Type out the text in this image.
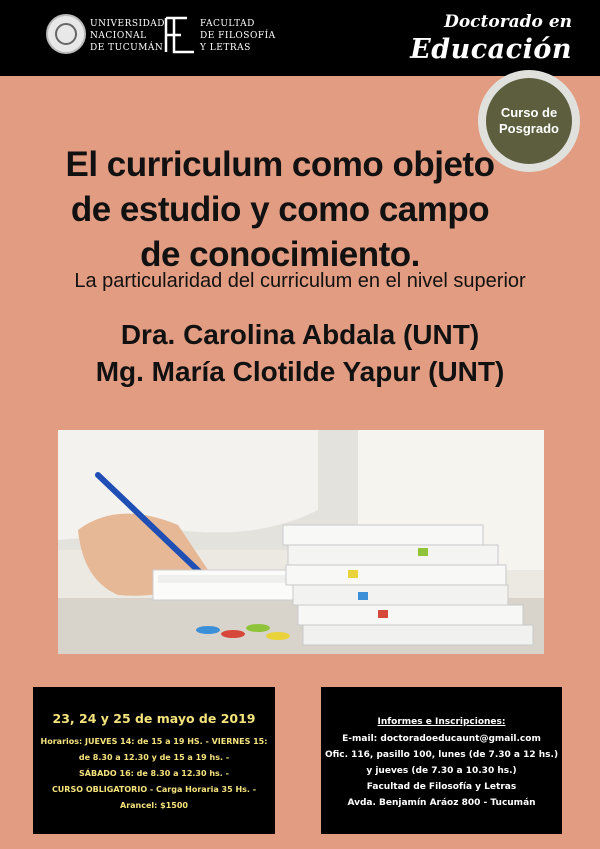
UNIVERSIDAD
NACIONAL
DE TUCUMÁN
FACULTAD
DE FILOSOFÍA
Y LETRAS
Doctorado en
Educación
Curso de
Posgrado
El curriculum como objeto
de estudio y como campo
de conocimiento.
La particularidad del curriculum en el nivel superior
Dra. Carolina Abdala (UNT)
Mg. María Clotilde Yapur (UNT)
23, 24 y 25 de mayo de 2019
Horarios: JUEVES 14: de 15 a 19 HS. - VIERNES 15:
de 8.30 a 12.30 y de 15 a 19 hs. -
SÁBADO 16: de 8.30 a 12.30 hs. -
CURSO OBLIGATORIO - Carga Horaria 35 Hs. -
Arancel: $1500
Informes e Inscripciones:
E-mail: doctoradoeducaunt@gmail.com
Ofic. 116, pasillo 100, lunes (de 7.30 a 12 hs.)
y jueves (de 7.30 a 10.30 hs.)
Facultad de Filosofía y Letras
Avda. Benjamín Aráoz 800 - Tucumán
